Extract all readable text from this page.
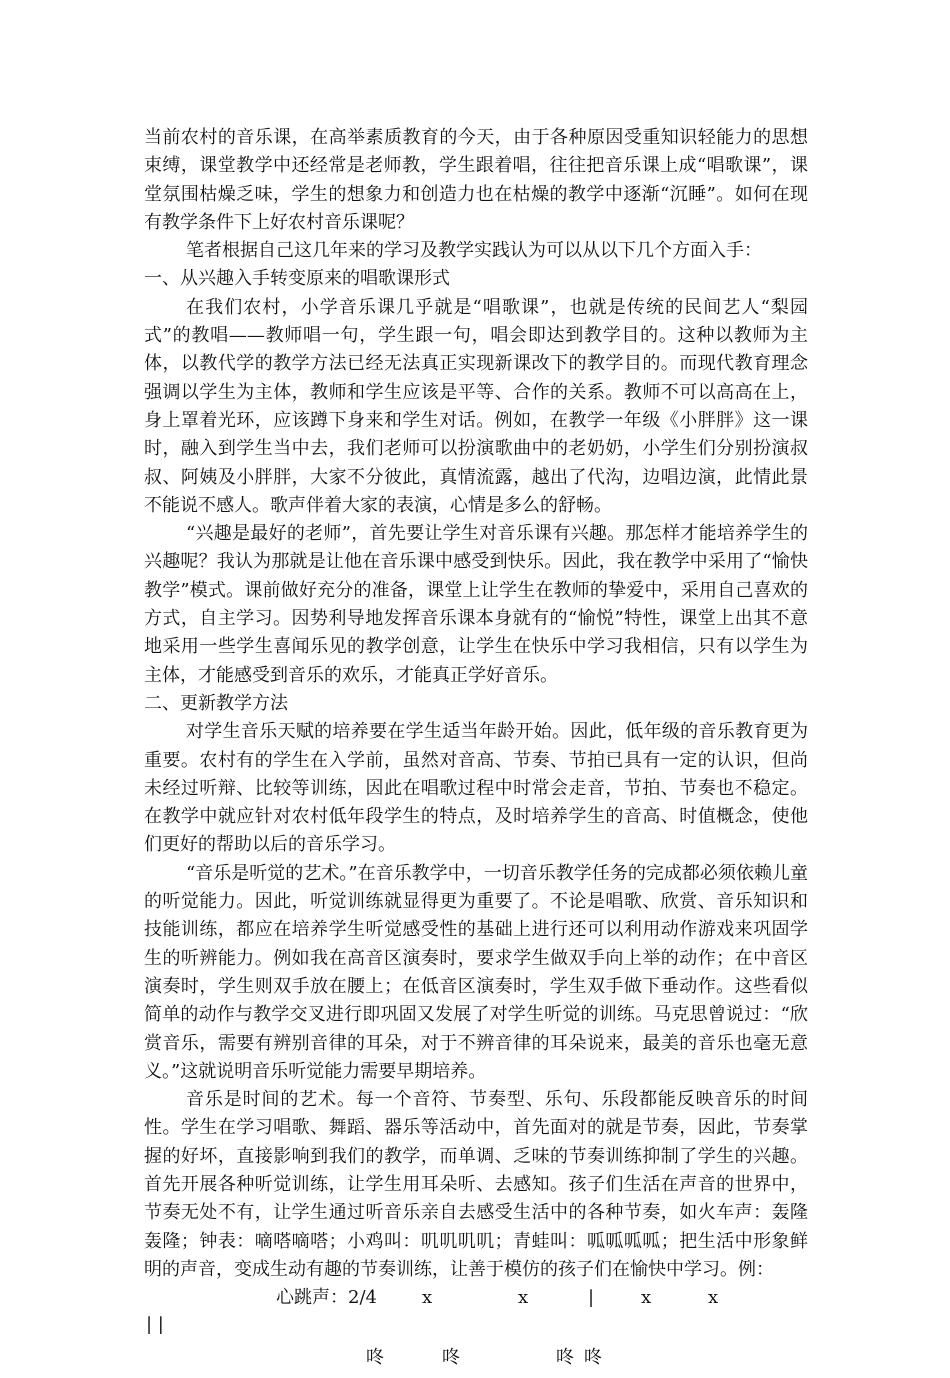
当前农村的音乐课，在高举素质教育的今天，由于各种原因受重知识轻能力的思想束缚，课堂教学中还经常是老师教，学生跟着唱，往往把音乐课上成“唱歌课”，课堂氛围枯燥乏味，学生的想象力和创造力也在枯燥的教学中逐渐“沉睡”。如何在现有教学条件下上好农村音乐课呢？

笔者根据自己这几年来的学习及教学实践认为可以从以下几个方面入手：

一、从兴趣入手转变原来的唱歌课形式

在我们农村，小学音乐课几乎就是“唱歌课”，也就是传统的民间艺人“梨园式”的教唱——教师唱一句，学生跟一句，唱会即达到教学目的。这种以教师为主体，以教代学的教学方法已经无法真正实现新课改下的教学目的。而现代教育理念强调以学生为主体，教师和学生应该是平等、合作的关系。教师不可以高高在上，身上罩着光环，应该蹲下身来和学生对话。例如，在教学一年级《小胖胖》这一课时，融入到学生当中去，我们老师可以扮演歌曲中的老奶奶，小学生们分别扮演叔叔、阿姨及小胖胖，大家不分彼此，真情流露，越出了代沟，边唱边演，此情此景不能说不感人。歌声伴着大家的表演，心情是多么的舒畅。

“兴趣是最好的老师”，首先要让学生对音乐课有兴趣。那怎样才能培养学生的兴趣呢？我认为那就是让他在音乐课中感受到快乐。因此，我在教学中采用了“愉快教学”模式。课前做好充分的准备，课堂上让学生在教师的挚爱中，采用自己喜欢的方式，自主学习。因势利导地发挥音乐课本身就有的“愉悦”特性，课堂上出其不意地采用一些学生喜闻乐见的教学创意，让学生在快乐中学习我相信，只有以学生为主体，才能感受到音乐的欢乐，才能真正学好音乐。

二、更新教学方法

对学生音乐天赋的培养要在学生适当年龄开始。因此，低年级的音乐教育更为重要。农村有的学生在入学前，虽然对音高、节奏、节拍已具有一定的认识，但尚未经过听辩、比较等训练，因此在唱歌过程中时常会走音，节拍、节奏也不稳定。在教学中就应针对农村低年段学生的特点，及时培养学生的音高、时值概念，使他们更好的帮助以后的音乐学习。

“音乐是听觉的艺术。”在音乐教学中，一切音乐教学任务的完成都必须依赖儿童的听觉能力。因此，听觉训练就显得更为重要了。不论是唱歌、欣赏、音乐知识和技能训练，都应在培养学生听觉感受性的基础上进行还可以利用动作游戏来巩固学生的听辨能力。例如我在高音区演奏时，要求学生做双手向上举的动作；在中音区演奏时，学生则双手放在腰上；在低音区演奏时，学生双手做下垂动作。这些看似简单的动作与教学交叉进行即巩固又发展了对学生听觉的训练。马克思曾说过：“欣赏音乐，需要有辨别音律的耳朵，对于不辨音律的耳朵说来，最美的音乐也毫无意义。”这就说明音乐听觉能力需要早期培养。

音乐是时间的艺术。每一个音符、节奏型、乐句、乐段都能反映音乐的时间性。学生在学习唱歌、舞蹈、器乐等活动中，首先面对的就是节奏，因此，节奏掌握的好坏，直接影响到我们的教学，而单调、乏味的节奏训练抑制了学生的兴趣。首先开展各种听觉训练，让学生用耳朵听、去感知。孩子们生活在声音的世界中，节奏无处不有，让学生通过听音乐亲自去感受生活中的各种节奏，如火车声：轰隆轰隆；钟表：嘀嗒嘀嗒；小鸡叫：叽叽叽叽；青蛙叫：呱呱呱呱；把生活中形象鲜明的声音，变成生动有趣的节奏训练，让善于模仿的孩子们在愉快中学习。例：

心跳声：2/4	x	x	|	x	x
| |
咚	咚	咚 咚
